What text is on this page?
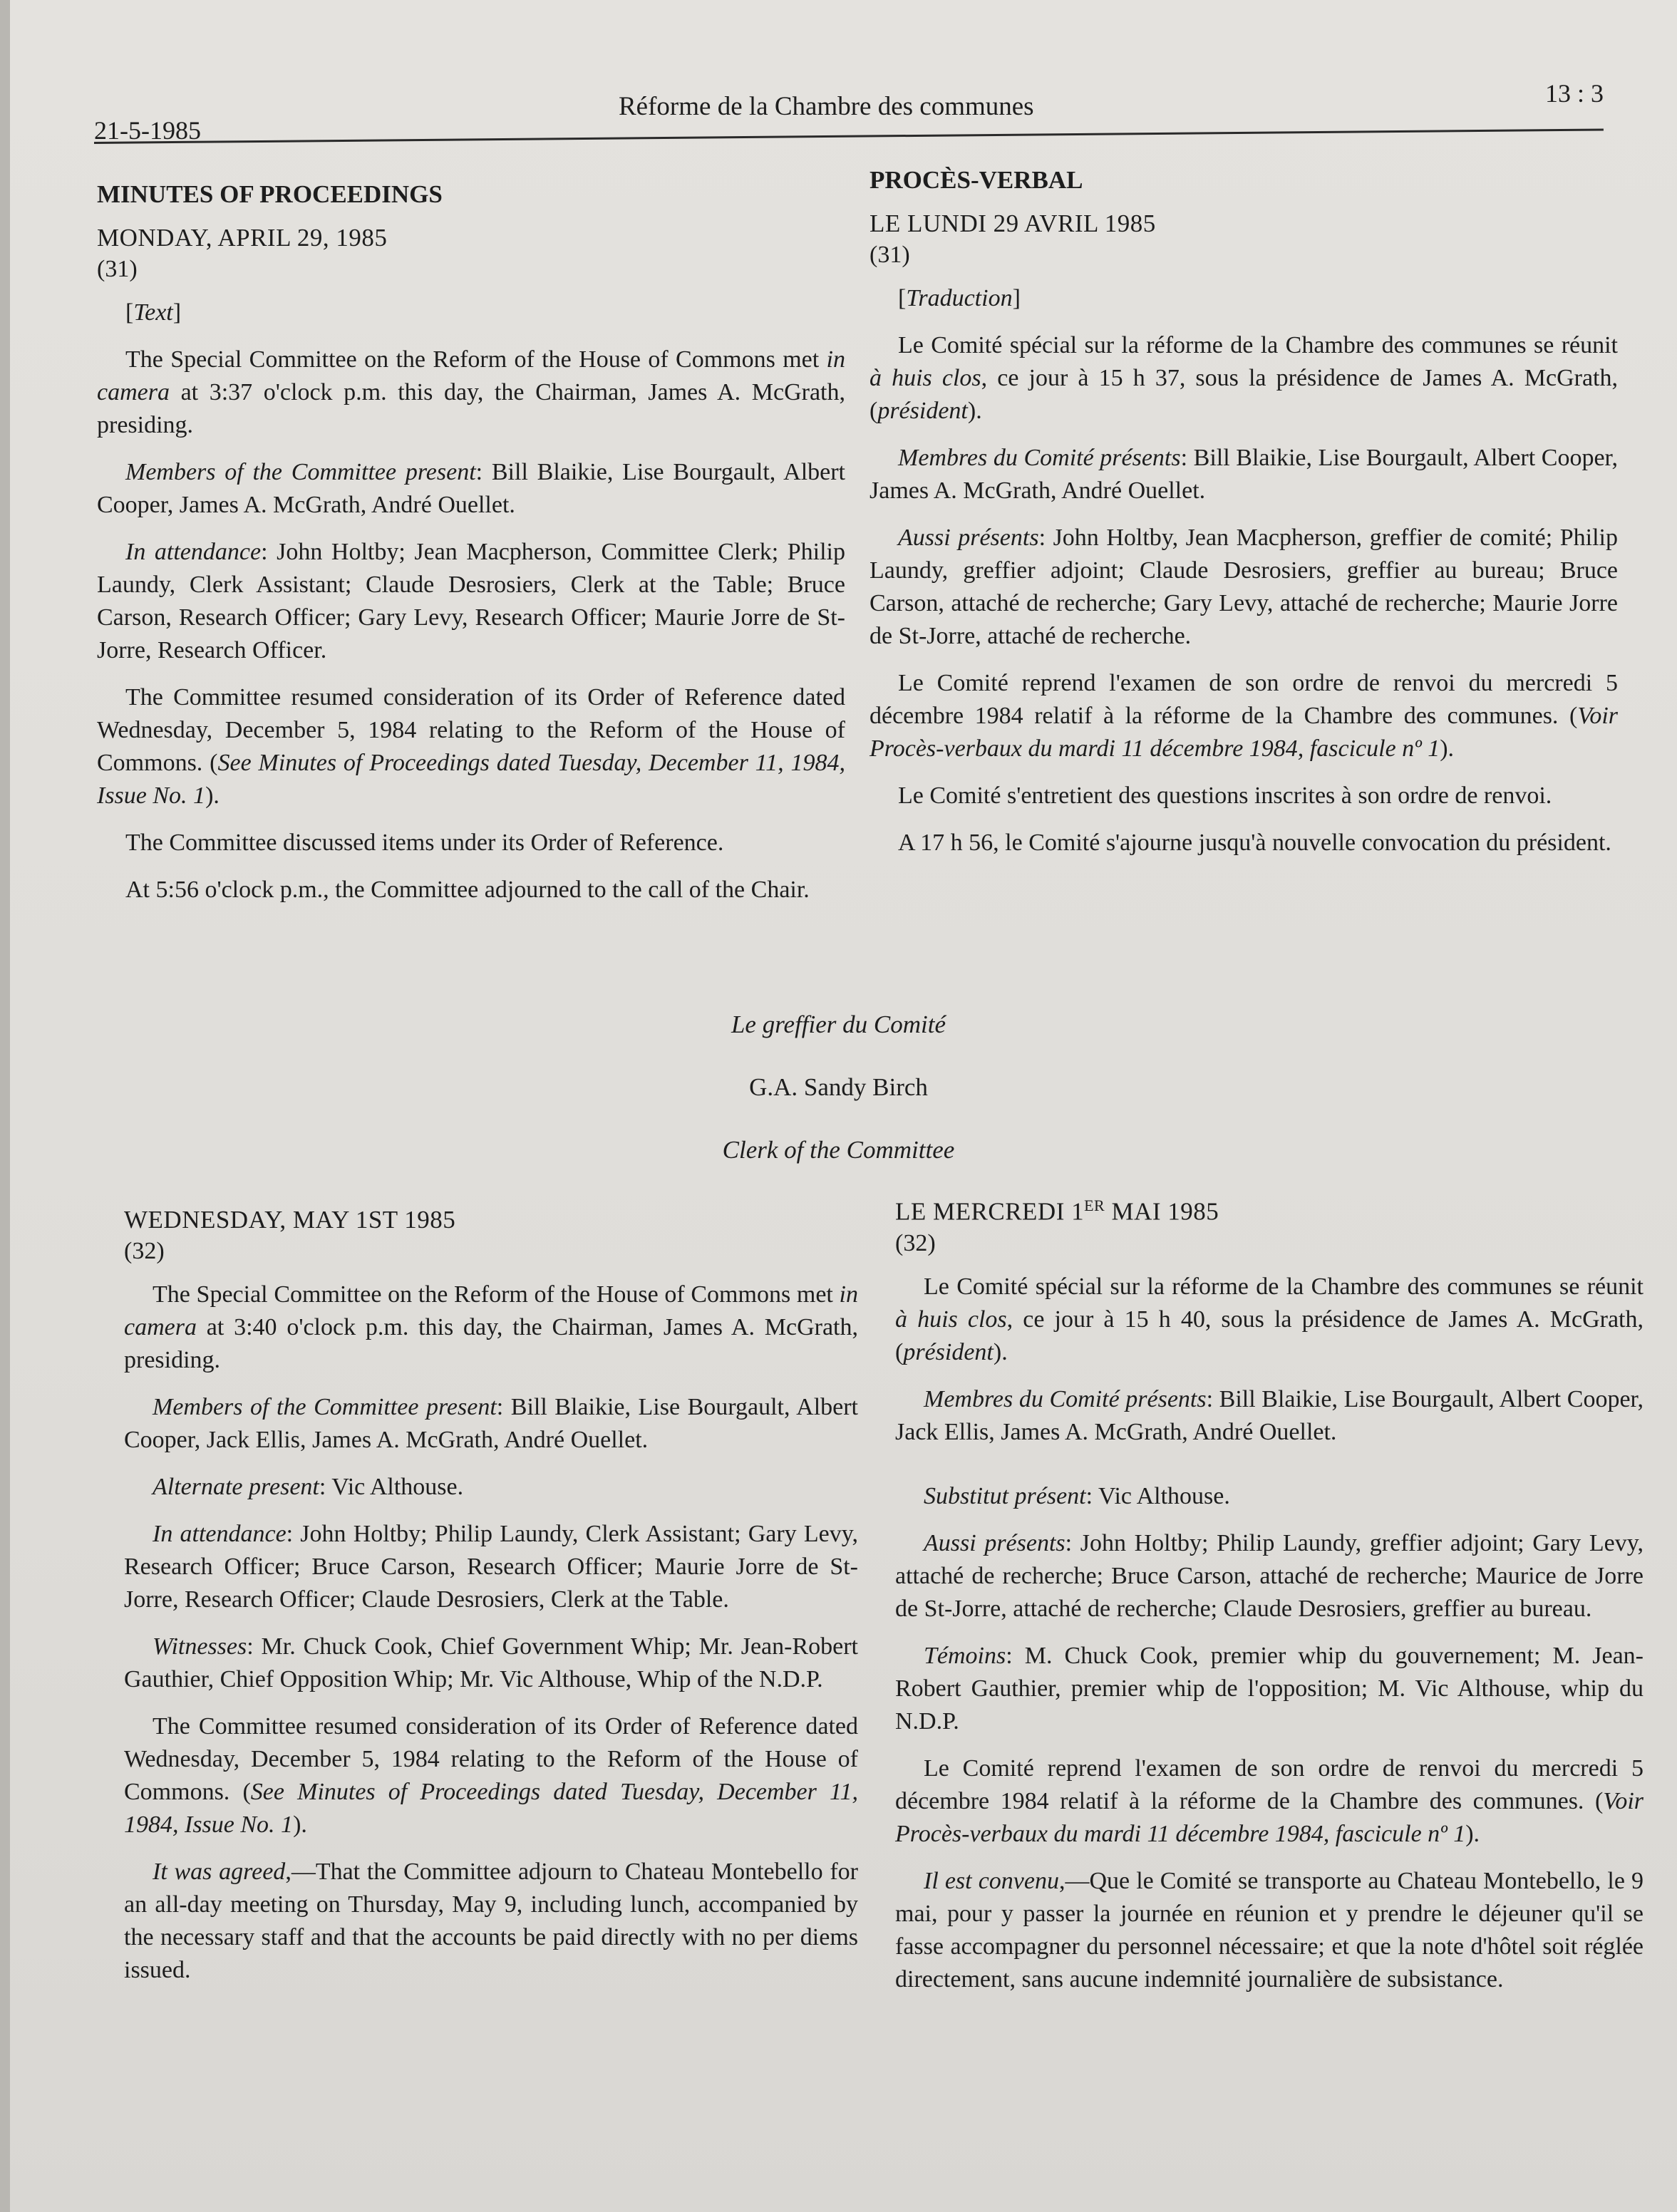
21-5-1985
Réforme de la Chambre des communes	13 : 3
MINUTES OF PROCEEDINGS
MONDAY, APRIL 29, 1985
(31)

[Text]

The Special Committee on the Reform of the House of Commons met in camera at 3:37 o'clock p.m. this day, the Chairman, James A. McGrath, presiding.

Members of the Committee present: Bill Blaikie, Lise Bourgault, Albert Cooper, James A. McGrath, André Ouellet.

In attendance: John Holtby; Jean Macpherson, Committee Clerk; Philip Laundy, Clerk Assistant; Claude Desrosiers, Clerk at the Table; Bruce Carson, Research Officer; Gary Levy, Research Officer; Maurie Jorre de St-Jorre, Research Officer.

The Committee resumed consideration of its Order of Reference dated Wednesday, December 5, 1984 relating to the Reform of the House of Commons. (See Minutes of Proceedings dated Tuesday, December 11, 1984, Issue No. 1).

The Committee discussed items under its Order of Reference.

At 5:56 o'clock p.m., the Committee adjourned to the call of the Chair.

PROCÈS-VERBAL
LE LUNDI 29 AVRIL 1985
(31)

[Traduction]

Le Comité spécial sur la réforme de la Chambre des communes se réunit à huis clos, ce jour à 15 h 37, sous la présidence de James A. McGrath, (président).

Membres du Comité présents: Bill Blaikie, Lise Bourgault, Albert Cooper, James A. McGrath, André Ouellet.

Aussi présents: John Holtby, Jean Macpherson, greffier de comité; Philip Laundy, greffier adjoint; Claude Desrosiers, greffier au bureau; Bruce Carson, attaché de recherche; Gary Levy, attaché de recherche; Maurie Jorre de St-Jorre, attaché de recherche.

Le Comité reprend l'examen de son ordre de renvoi du mercredi 5 décembre 1984 relatif à la réforme de la Chambre des communes. (Voir Procès-verbaux du mardi 11 décembre 1984, fascicule nº 1).

Le Comité s'entretient des questions inscrites à son ordre de renvoi.

A 17 h 56, le Comité s'ajourne jusqu'à nouvelle convocation du président.

Le greffier du Comité
G.A. Sandy Birch
Clerk of the Committee
WEDNESDAY, MAY 1ST 1985
(32)

The Special Committee on the Reform of the House of Commons met in camera at 3:40 o'clock p.m. this day, the Chairman, James A. McGrath, presiding.

Members of the Committee present: Bill Blaikie, Lise Bourgault, Albert Cooper, Jack Ellis, James A. McGrath, André Ouellet.

Alternate present: Vic Althouse.

In attendance: John Holtby; Philip Laundy, Clerk Assistant; Gary Levy, Research Officer; Bruce Carson, Research Officer; Maurie Jorre de St-Jorre, Research Officer; Claude Desrosiers, Clerk at the Table.

Witnesses: Mr. Chuck Cook, Chief Government Whip; Mr. Jean-Robert Gauthier, Chief Opposition Whip; Mr. Vic Althouse, Whip of the N.D.P.

The Committee resumed consideration of its Order of Reference dated Wednesday, December 5, 1984 relating to the Reform of the House of Commons. (See Minutes of Proceedings dated Tuesday, December 11, 1984, Issue No. 1).

It was agreed,—That the Committee adjourn to Chateau Montebello for an all-day meeting on Thursday, May 9, including lunch, accompanied by the necessary staff and that the accounts be paid directly with no per diems issued.

LE MERCREDI 1ER MAI 1985
(32)

Le Comité spécial sur la réforme de la Chambre des communes se réunit à huis clos, ce jour à 15 h 40, sous la présidence de James A. McGrath, (président).

Membres du Comité présents: Bill Blaikie, Lise Bourgault, Albert Cooper, Jack Ellis, James A. McGrath, André Ouellet.

Substitut présent: Vic Althouse.

Aussi présents: John Holtby; Philip Laundy, greffier adjoint; Gary Levy, attaché de recherche; Bruce Carson, attaché de recherche; Maurice de Jorre de St-Jorre, attaché de recherche; Claude Desrosiers, greffier au bureau.

Témoins: M. Chuck Cook, premier whip du gouvernement; M. Jean-Robert Gauthier, premier whip de l'opposition; M. Vic Althouse, whip du N.D.P.

Le Comité reprend l'examen de son ordre de renvoi du mercredi 5 décembre 1984 relatif à la réforme de la Chambre des communes. (Voir Procès-verbaux du mardi 11 décembre 1984, fascicule nº 1).

Il est convenu,—Que le Comité se transporte au Chateau Montebello, le 9 mai, pour y passer la journée en réunion et y prendre le déjeuner qu'il se fasse accompagner du personnel nécessaire; et que la note d'hôtel soit réglée directement, sans aucune indemnité journalière de subsistance.
